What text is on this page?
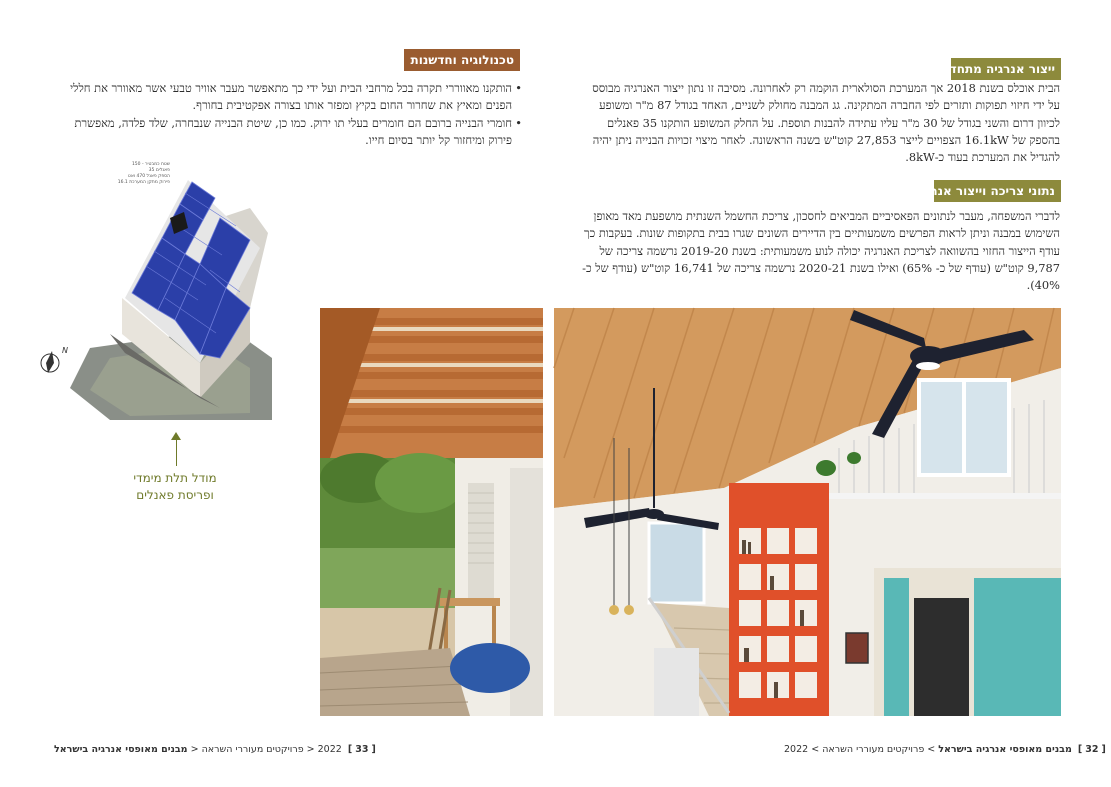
טכנולוגיה וחדשנות
• הותקנו מאווררי תקרה בכל מרחבי הבית ועל ידי כך מתאפשר מעבר אוויר טבעי אשר מאוורר את חללי הפנים ומאיץ את שחרור החום בקיץ ומפזר אותו בצורה אפקטיבית בחורף.
• חומרי הבנייה ברובם הם חומרים בעלי תו ירוק. כמו כן, שיטת הבנייה שנבחרה, שלד פלדה, מאפשרת פירוק ומיחזור קל יותר בסיום חייו.
שטח כמבטיר - 150
פאנלים 35
הספק פאנל 470 ואט
פירוק מתקן המערכת 16.1
N
מודל תלת מימדי ופריסת פאנלים
[ 33 ]  2022 < פרויקטים מעוררי השראה < מבנים מאופסי אנרגיה בישראל
ייצור אנרגיה מתחדשת
הבית אוכלס בשנת 2018 אך המערכת הסולארית הוקמה רק לאחרונה. מסיבה זו נתון ייצור האנרגיה מבוסס על ידי חיזוי תפוקות ותזרים לפי החברה המתקינה. גג המבנה מחולק לשניים, האחד בגודל 87 מ"ר ומשופע לכיוון דרום והשני בגודל של 30 מ"ר עליו עתידה להבנות תוספת. על החלק המשופע הותקנו 35 פאנלים בהספק של 16.1kW הצפויים לייצר 27,853 קוט"ש בשנה הראשונה. לאחר מיצוי זכויות הבנייה ניתן יהיה להגדיל את המערכת בעוד כ-8kW.
נתוני צריכה וייצור אנרגיה
לדברי המשפחה, מעבר לנתונים הפאסיביים המביאים לחסכון, צריכת החשמל השנתית מושפעת מאד מאופן השימוש במבנה וניתן לראות הפרשים משמעותיים בין הדיירים השונים שגרו בבית בתקופות שונות. בעקבות כך עודף הייצור החזוי בהשוואה לצריכת האנרגיה יכולה לנוע משמעותית: בשנת 2019-20 נרשמה צריכה של 9,787 קוט"ש (עודף של כ- 65%) ואילו בשנת 2020-21 נרשמה צריכה של 16,741 קוט"ש (עודף של כ- 40%).
[ 32 ]  מבנים מאופסי אנרגיה בישראל > פרויקטים מעוררי השראה > 2022
